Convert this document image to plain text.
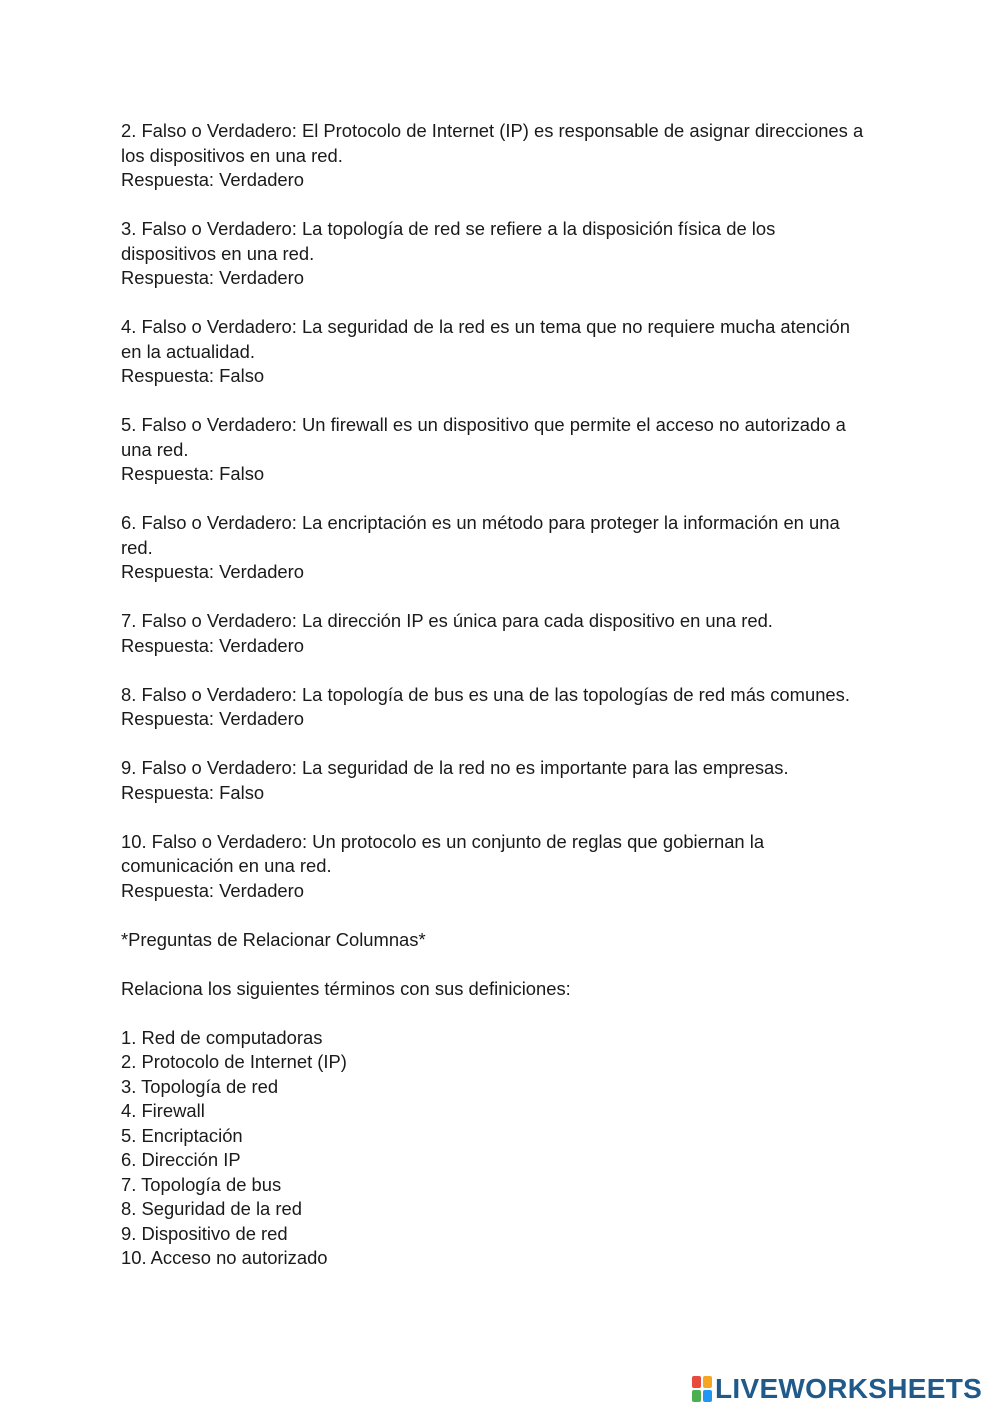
2. Falso o Verdadero: El Protocolo de Internet (IP) es responsable de asignar direcciones a
los dispositivos en una red.
Respuesta: Verdadero
3. Falso o Verdadero: La topología de red se refiere a la disposición física de los
dispositivos en una red.
Respuesta: Verdadero
4. Falso o Verdadero: La seguridad de la red es un tema que no requiere mucha atención
en la actualidad.
Respuesta: Falso
5. Falso o Verdadero: Un firewall es un dispositivo que permite el acceso no autorizado a
una red.
Respuesta: Falso
6. Falso o Verdadero: La encriptación es un método para proteger la información en una
red.
Respuesta: Verdadero
7. Falso o Verdadero: La dirección IP es única para cada dispositivo en una red.
Respuesta: Verdadero
8. Falso o Verdadero: La topología de bus es una de las topologías de red más comunes.
Respuesta: Verdadero
9. Falso o Verdadero: La seguridad de la red no es importante para las empresas.
Respuesta: Falso
10. Falso o Verdadero: Un protocolo es un conjunto de reglas que gobiernan la
comunicación en una red.
Respuesta: Verdadero
*Preguntas de Relacionar Columnas*
Relaciona los siguientes términos con sus definiciones:
1. Red de computadoras
2. Protocolo de Internet (IP)
3. Topología de red
4. Firewall
5. Encriptación
6. Dirección IP
7. Topología de bus
8. Seguridad de la red
9. Dispositivo de red
10. Acceso no autorizado
LIVEWORKSHEETS
